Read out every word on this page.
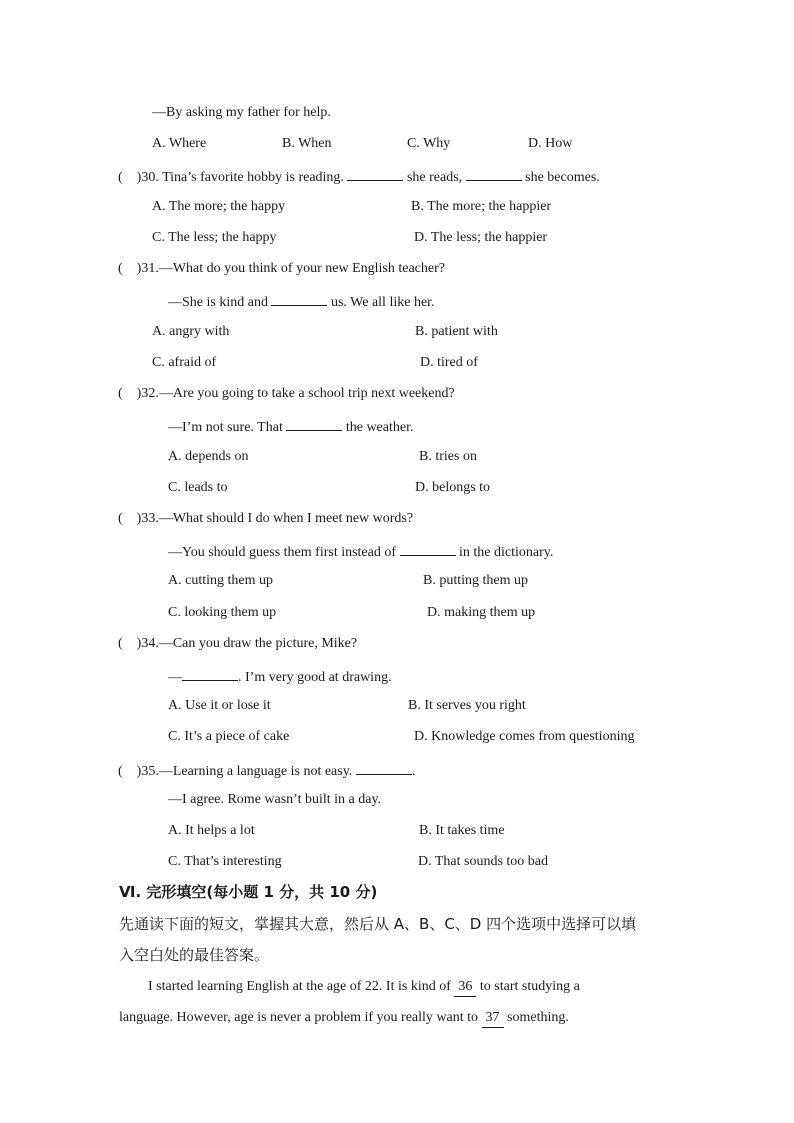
—By asking my father for help.
A. Where	B. When	C. Why	D. How
(    )30. Tina’s favorite hobby is reading.	she reads,	she becomes.
A. The more; the happy	B. The more; the happier
C. The less; the happy	D. The less; the happier
(    )31.—What do you think of your new English teacher?
—She is kind and	us. We all like her.
A. angry with	B. patient with
C. afraid of	D. tired of
(    )32.—Are you going to take a school trip next weekend?
—I’m not sure. That	the weather.
A. depends on	B. tries on
C. leads to	D. belongs to
(    )33.—What should I do when I meet new words?
—You should guess them first instead of	in the dictionary.
A. cutting them up	B. putting them up
C. looking them up	D. making them up
(    )34.—Can you draw the picture, Mike?
—	. I’m very good at drawing.
A. Use it or lose it	B. It serves you right
C. It’s a piece of cake	D. Knowledge comes from questioning
(    )35.—Learning a language is not easy.	.
—I agree. Rome wasn’t built in a day.
A. It helps a lot	B. It takes time
C. That’s interesting	D. That sounds too bad
Ⅵ. 完形填空(每小题 1 分，共 10 分)
先通读下面的短文，掌握其大意，然后从 A、B、C、D 四个选项中选择可以填
入空白处的最佳答案。
I started learning English at the age of 22. It is kind of 36 to start studying a
language. However, age is never a problem if you really want to 37 something.
